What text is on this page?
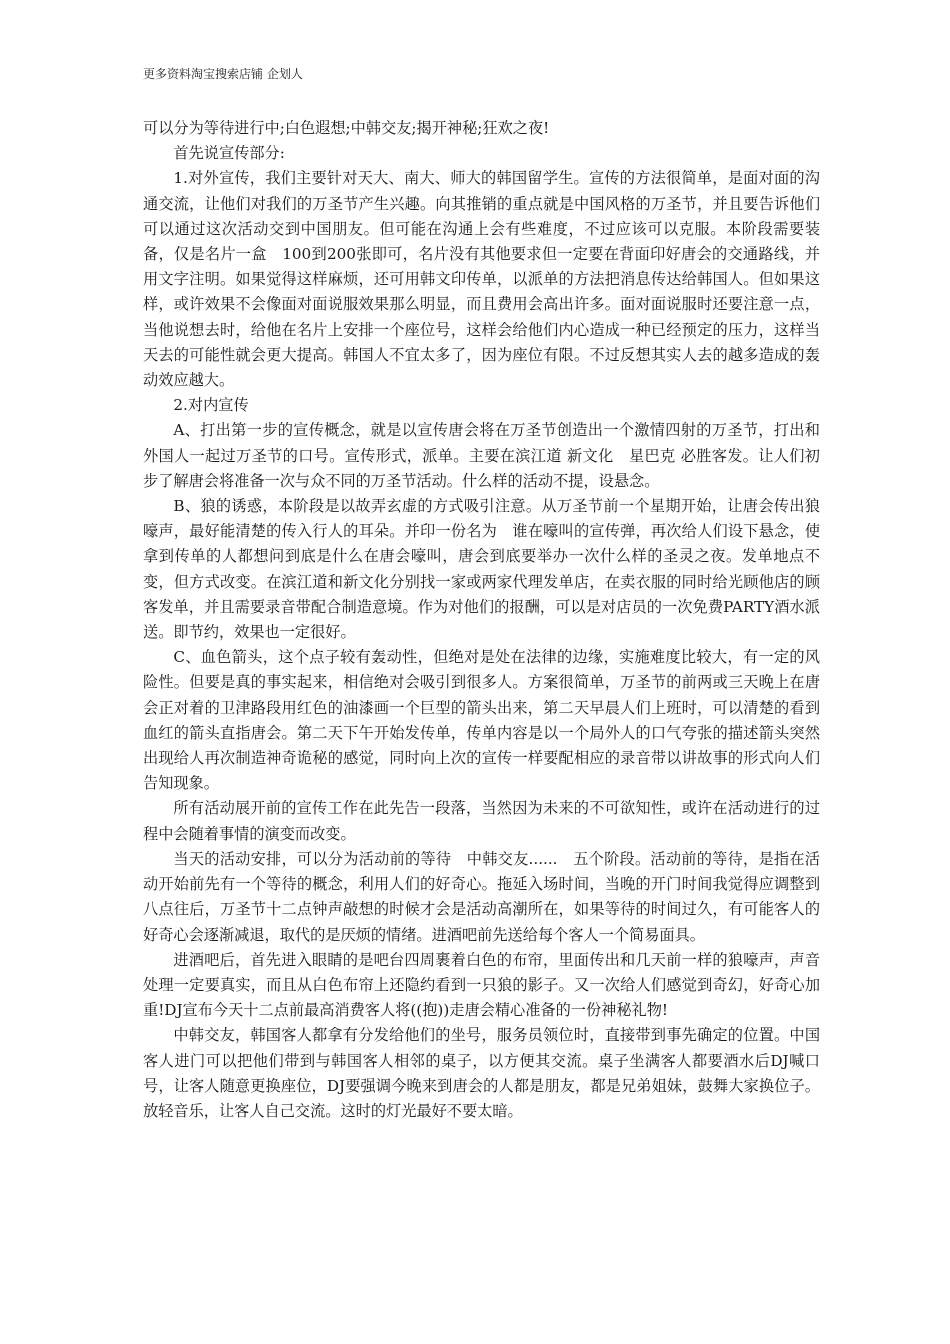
更多资料淘宝搜索店铺 企划人

可以分为等待进行中;白色遐想;中韩交友;揭开神秘;狂欢之夜!

首先说宣传部分:

1.对外宣传，我们主要针对天大、南大、师大的韩国留学生。宣传的方法很简单，是面对面的沟通交流，让他们对我们的万圣节产生兴趣。向其推销的重点就是中国风格的万圣节，并且要告诉他们可以通过这次活动交到中国朋友。但可能在沟通上会有些难度，不过应该可以克服。本阶段需要装备，仅是名片一盒　100到200张即可，名片没有其他要求但一定要在背面印好唐会的交通路线，并用文字注明。如果觉得这样麻烦，还可用韩文印传单，以派单的方法把消息传达给韩国人。但如果这样，或许效果不会像面对面说服效果那么明显，而且费用会高出许多。面对面说服时还要注意一点，当他说想去时，给他在名片上安排一个座位号，这样会给他们内心造成一种已经预定的压力，这样当天去的可能性就会更大提高。韩国人不宜太多了，因为座位有限。不过反想其实人去的越多造成的轰动效应越大。

2.对内宣传

A、打出第一步的宣传概念，就是以宣传唐会将在万圣节创造出一个激情四射的万圣节，打出和外国人一起过万圣节的口号。宣传形式，派单。主要在滨江道 新文化　星巴克 必胜客发。让人们初步了解唐会将准备一次与众不同的万圣节活动。什么样的活动不提，设悬念。

B、狼的诱惑，本阶段是以故弄玄虚的方式吸引注意。从万圣节前一个星期开始，让唐会传出狼嚎声，最好能清楚的传入行人的耳朵。并印一份名为　谁在嚎叫的宣传弹，再次给人们设下悬念，使拿到传单的人都想问到底是什么在唐会嚎叫，唐会到底要举办一次什么样的圣灵之夜。发单地点不变，但方式改变。在滨江道和新文化分别找一家或两家代理发单店，在卖衣服的同时给光顾他店的顾客发单，并且需要录音带配合制造意境。作为对他们的报酬，可以是对店员的一次免费PARTY酒水派送。即节约，效果也一定很好。

C、血色箭头，这个点子较有轰动性，但绝对是处在法律的边缘，实施难度比较大，有一定的风险性。但要是真的事实起来，相信绝对会吸引到很多人。方案很简单，万圣节的前两或三天晚上在唐会正对着的卫津路段用红色的油漆画一个巨型的箭头出来，第二天早晨人们上班时，可以清楚的看到血红的箭头直指唐会。第二天下午开始发传单，传单内容是以一个局外人的口气夸张的描述箭头突然出现给人再次制造神奇诡秘的感觉，同时向上次的宣传一样要配相应的录音带以讲故事的形式向人们告知现象。

所有活动展开前的宣传工作在此先告一段落，当然因为未来的不可欲知性，或许在活动进行的过程中会随着事情的演变而改变。

当天的活动安排，可以分为活动前的等待　中韩交友......　五个阶段。活动前的等待，是指在活动开始前先有一个等待的概念，利用人们的好奇心。拖延入场时间，当晚的开门时间我觉得应调整到八点往后，万圣节十二点钟声敲想的时候才会是活动高潮所在，如果等待的时间过久，有可能客人的好奇心会逐渐减退，取代的是厌烦的情绪。进酒吧前先送给每个客人一个简易面具。

进酒吧后，首先进入眼睛的是吧台四周裹着白色的布帘，里面传出和几天前一样的狼嚎声，声音处理一定要真实，而且从白色布帘上还隐约看到一只狼的影子。又一次给人们感觉到奇幻，好奇心加重!DJ宣布今天十二点前最高消费客人将((抱))走唐会精心准备的一份神秘礼物!

中韩交友，韩国客人都拿有分发给他们的坐号，服务员领位时，直接带到事先确定的位置。中国客人进门可以把他们带到与韩国客人相邻的桌子，以方便其交流。桌子坐满客人都要酒水后DJ喊口号，让客人随意更换座位，DJ要强调今晚来到唐会的人都是朋友，都是兄弟姐妹，鼓舞大家换位子。放轻音乐，让客人自己交流。这时的灯光最好不要太暗。
